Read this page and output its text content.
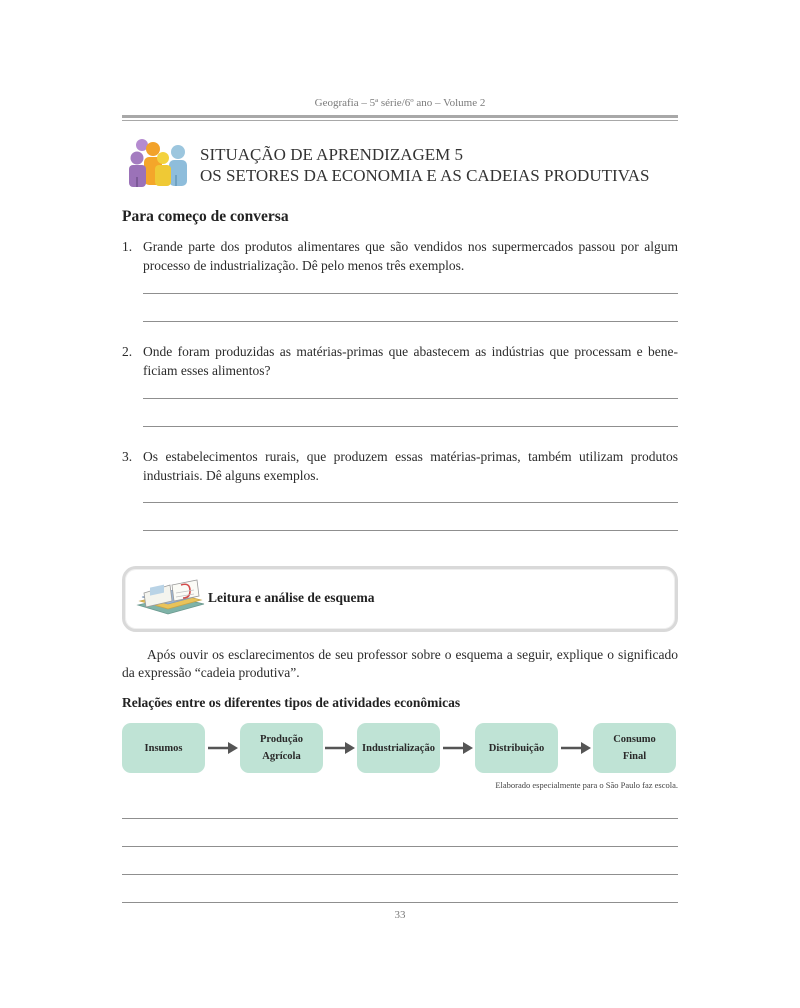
Geografia – 5ª série/6º ano – Volume 2
SITUAÇÃO DE APRENDIZAGEM 5
OS SETORES DA ECONOMIA E AS CADEIAS PRODUTIVAS
Para começo de conversa
1. Grande parte dos produtos alimentares que são vendidos nos supermercados passou por algum
processo de industrialização. Dê pelo menos três exemplos.
2. Onde foram produzidas as matérias-primas que abastecem as indústrias que processam e bene-
ficiam esses alimentos?
3. Os estabelecimentos rurais, que produzem essas matérias-primas, também utilizam produtos
industriais. Dê alguns exemplos.
Leitura e análise de esquema
Após ouvir os esclarecimentos de seu professor sobre o esquema a seguir, explique o significado
da expressão “cadeia produtiva”.
Relações entre os diferentes tipos de atividades econômicas
Insumos
Produção
Agrícola
Industrialização	Distribuição
Consumo
Final
Elaborado especialmente para o São Paulo faz escola.
33
